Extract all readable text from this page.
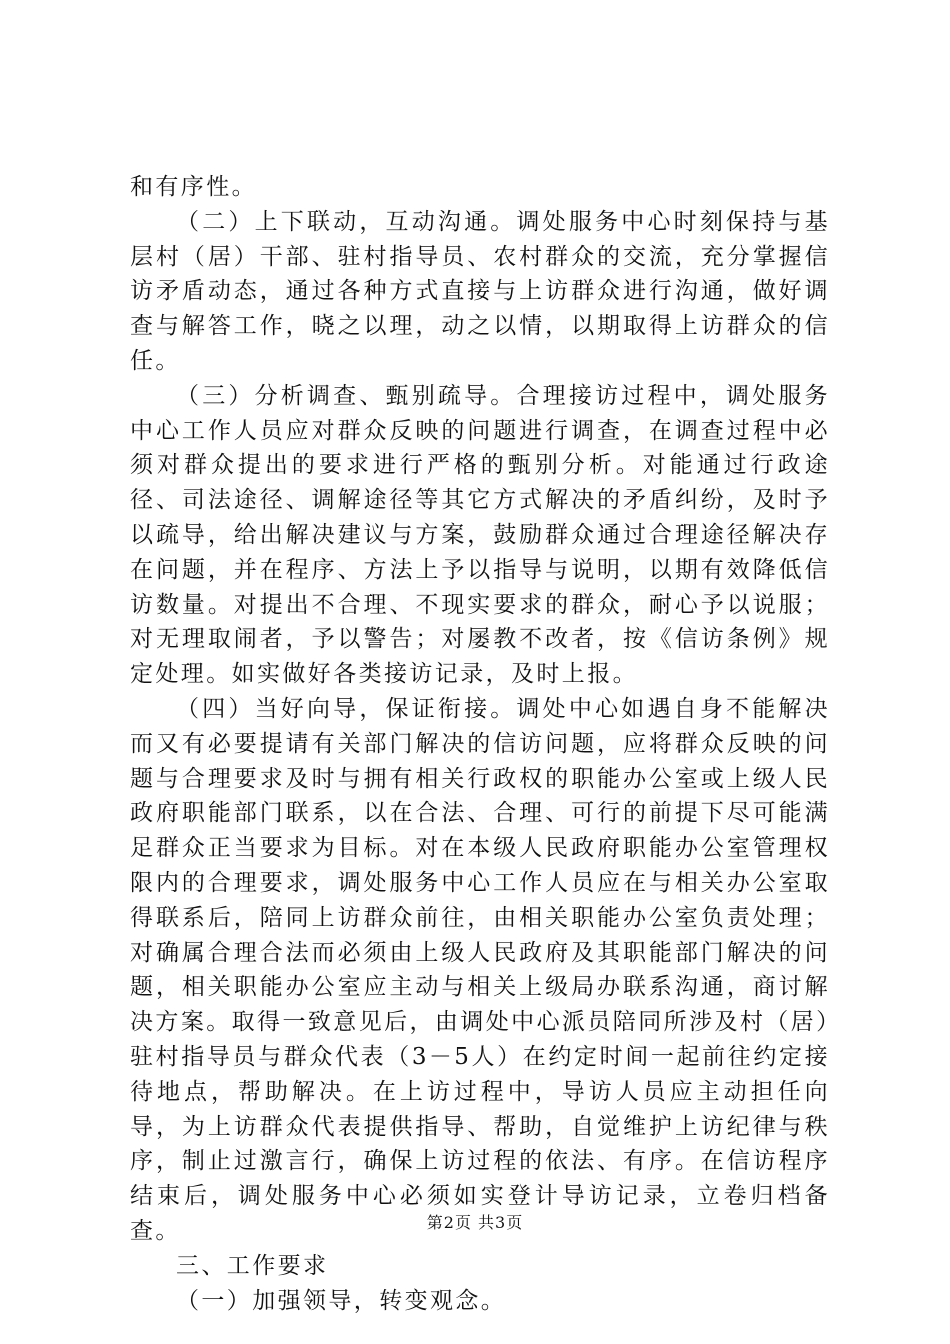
和有序性。

（二）上下联动，互动沟通。调处服务中心时刻保持与基层村（居）干部、驻村指导员、农村群众的交流，充分掌握信访矛盾动态，通过各种方式直接与上访群众进行沟通，做好调查与解答工作，晓之以理，动之以情，以期取得上访群众的信任。

（三）分析调查、甄别疏导。合理接访过程中，调处服务中心工作人员应对群众反映的问题进行调查，在调查过程中必须对群众提出的要求进行严格的甄别分析。对能通过行政途径、司法途径、调解途径等其它方式解决的矛盾纠纷，及时予以疏导，给出解决建议与方案，鼓励群众通过合理途径解决存在问题，并在程序、方法上予以指导与说明，以期有效降低信访数量。对提出不合理、不现实要求的群众，耐心予以说服；对无理取闹者，予以警告；对屡教不改者，按《信访条例》规定处理。如实做好各类接访记录，及时上报。

（四）当好向导，保证衔接。调处中心如遇自身不能解决而又有必要提请有关部门解决的信访问题，应将群众反映的问题与合理要求及时与拥有相关行政权的职能办公室或上级人民政府职能部门联系，以在合法、合理、可行的前提下尽可能满足群众正当要求为目标。对在本级人民政府职能办公室管理权限内的合理要求，调处服务中心工作人员应在与相关办公室取得联系后，陪同上访群众前往，由相关职能办公室负责处理；对确属合理合法而必须由上级人民政府及其职能部门解决的问题，相关职能办公室应主动与相关上级局办联系沟通，商讨解决方案。取得一致意见后，由调处中心派员陪同所涉及村（居）驻村指导员与群众代表（3－5人）在约定时间一起前往约定接待地点，帮助解决。在上访过程中，导访人员应主动担任向导，为上访群众代表提供指导、帮助，自觉维护上访纪律与秩序，制止过激言行，确保上访过程的依法、有序。在信访程序结束后，调处服务中心必须如实登计导访记录，立卷归档备查。

三、工作要求

（一）加强领导，转变观念。

第2页 共3页
